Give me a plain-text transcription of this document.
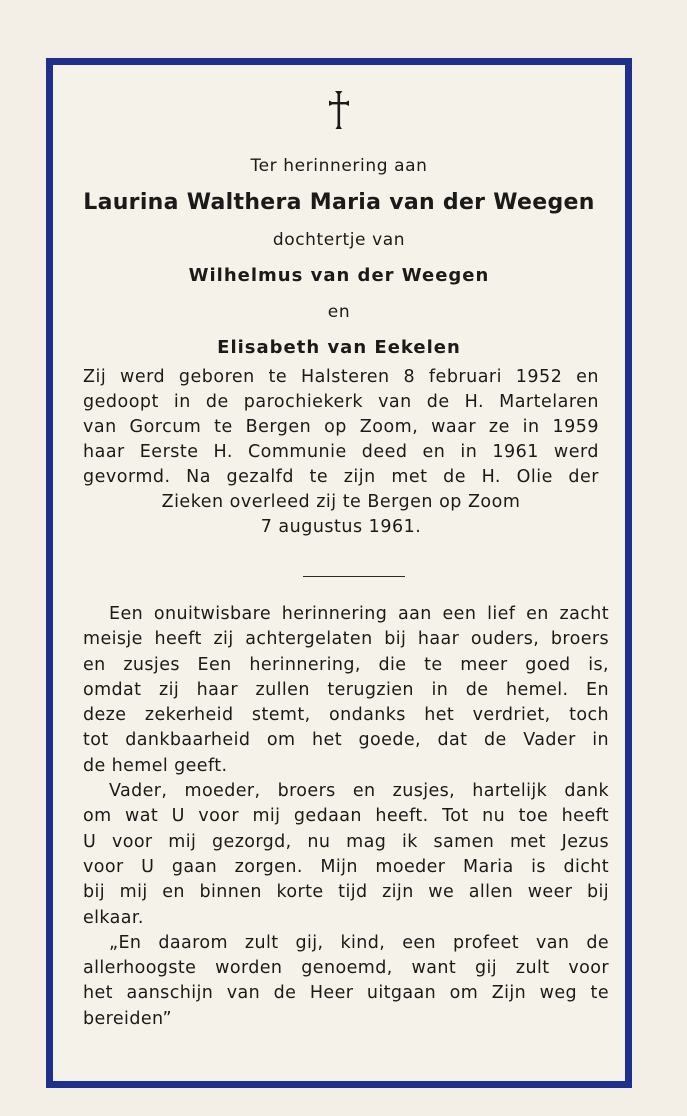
Ter herinnering aan
Laurina Walthera Maria van der Weegen
dochtertje van
Wilhelmus van der Weegen
en
Elisabeth van Eekelen
Zij werd geboren te Halsteren 8 februari 1952 en
gedoopt in de parochiekerk van de H. Martelaren
van Gorcum te Bergen op Zoom, waar ze in 1959
haar Eerste H. Communie deed en in 1961 werd
gevormd. Na gezalfd te zijn met de H. Olie der
Zieken overleed zij te Bergen op Zoom
7 augustus 1961.
Een onuitwisbare herinnering aan een lief en zacht
meisje heeft zij achtergelaten bij haar ouders, broers
en zusjes Een herinnering, die te meer goed is,
omdat zij haar zullen terugzien in de hemel. En
deze zekerheid stemt, ondanks het verdriet, toch
tot dankbaarheid om het goede, dat de Vader in
de hemel geeft.
Vader, moeder, broers en zusjes, hartelijk dank
om wat U voor mij gedaan heeft. Tot nu toe heeft
U voor mij gezorgd, nu mag ik samen met Jezus
voor U gaan zorgen. Mijn moeder Maria is dicht
bij mij en binnen korte tijd zijn we allen weer bij
elkaar.
„En daarom zult gij, kind, een profeet van de
allerhoogste worden genoemd, want gij zult voor
het aanschijn van de Heer uitgaan om Zijn weg te
bereiden”
